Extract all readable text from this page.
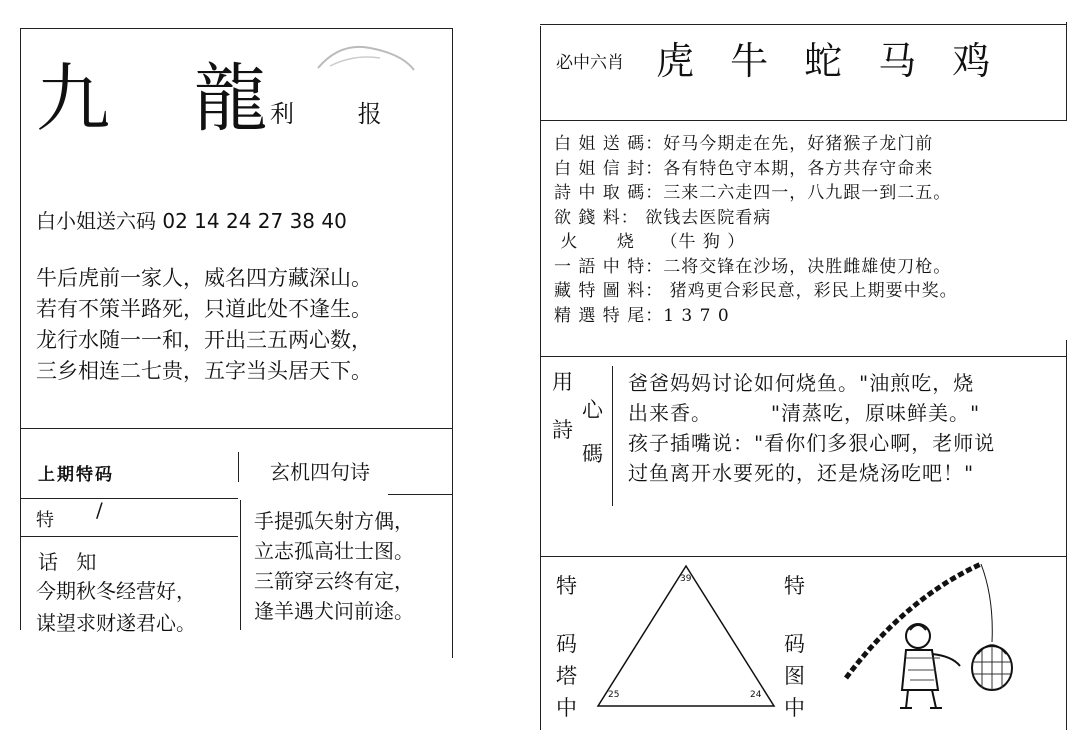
九 龍
利 报
白小姐送六码 02 14 24 27 38 40
牛后虎前一家人，威名四方藏深山。
若有不策半路死，只道此处不逢生。
龙行水随一一和，开出三五两心数，
三乡相连二七贵，五字当头居天下。
上期特码
特 /
话 知
今期秋冬经营好，
谋望求财遂君心。
玄机四句诗
手提弧矢射方偶，
立志孤高壮士图。
三箭穿云终有定，
逢羊遇犬问前途。
必中六肖 虎 牛 蛇 马 鸡
白 姐 送 碼：好马今期走在先，好猪猴子龙门前
白 姐 信 封：各有特色守本期，各方共存守命来
詩 中 取 碼：三来二六走四一，八九跟一到二五。
欲 錢 料： 欲钱去医院看病
火      烧    （牛 狗 ）
一 語 中 特：二将交锋在沙场，决胜雌雄使刀枪。
藏 特 圖 料： 猪鸡更合彩民意，彩民上期要中奖。
精 選 特 尾：1 3 7 0
用
心
詩
碼
爸爸妈妈讨论如何烧鱼。"油煎吃，烧
出来香。        "清蒸吃，原味鲜美。"
孩子插嘴说："看你们多狠心啊，老师说
过鱼离开水要死的，还是烧汤吃吧！"
特
码
塔
中
特
码
图
中
39
25	24
